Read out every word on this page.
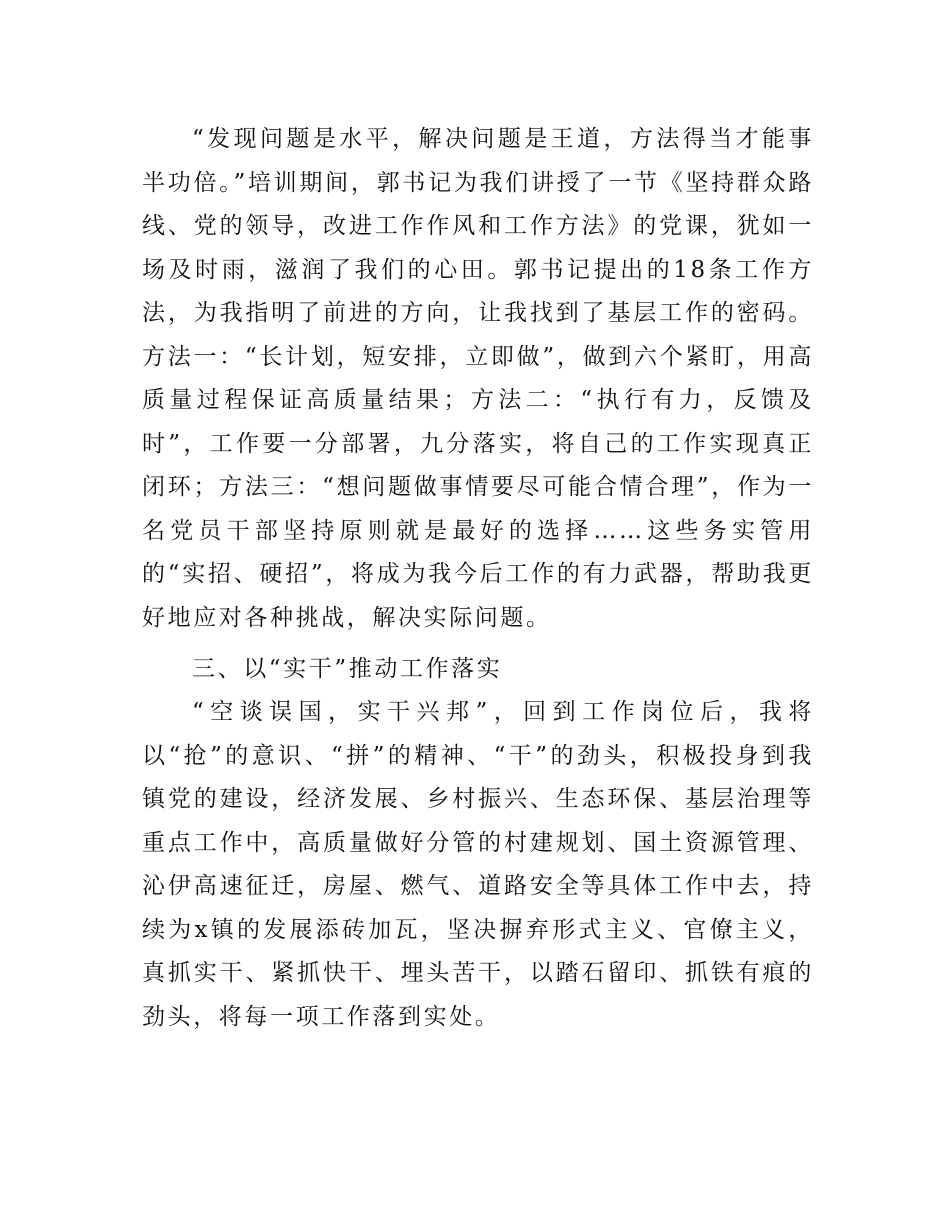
“发现问题是水平，解决问题是王道，方法得当才能事半功倍。”培训期间，郭书记为我们讲授了一节《坚持群众路线、党的领导，改进工作作风和工作方法》的党课，犹如一场及时雨，滋润了我们的心田。郭书记提出的18条工作方法，为我指明了前进的方向，让我找到了基层工作的密码。方法一：“长计划，短安排，立即做”，做到六个紧盯，用高质量过程保证高质量结果；方法二：“执行有力，反馈及时”，工作要一分部署，九分落实，将自己的工作实现真正闭环；方法三：“想问题做事情要尽可能合情合理”，作为一名党员干部坚持原则就是最好的选择……这些务实管用的“实招、硬招”，将成为我今后工作的有力武器，帮助我更好地应对各种挑战，解决实际问题。

三、以“实干”推动工作落实

“空谈误国，实干兴邦”，回到工作岗位后，我将以“抢”的意识、“拼”的精神、“干”的劲头，积极投身到我镇党的建设，经济发展、乡村振兴、生态环保、基层治理等重点工作中，高质量做好分管的村建规划、国土资源管理、沁伊高速征迁，房屋、燃气、道路安全等具体工作中去，持续为x镇的发展添砖加瓦，坚决摒弃形式主义、官僚主义，真抓实干、紧抓快干、埋头苦干，以踏石留印、抓铁有痕的劲头，将每一项工作落到实处。
